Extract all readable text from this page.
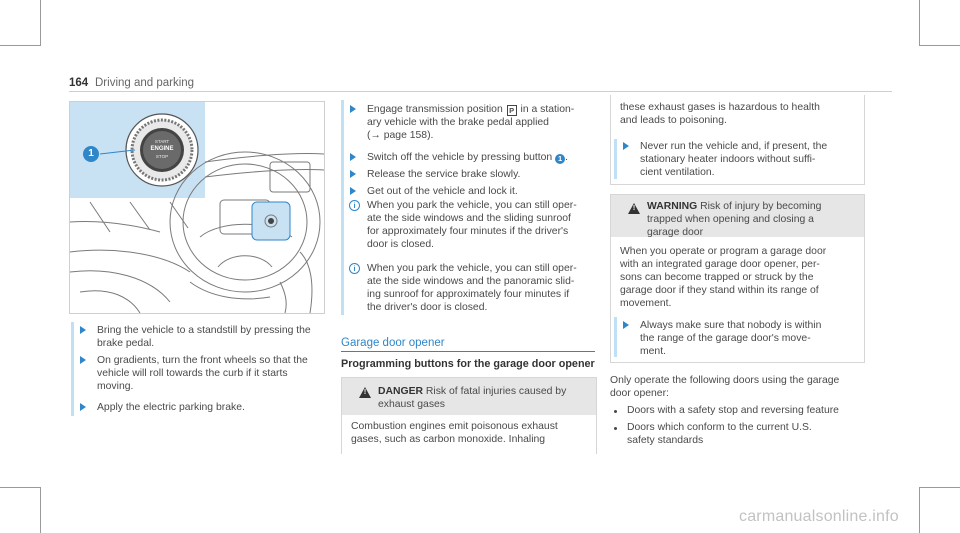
164 Driving and parking
START
ENGINE
STOP
1
Bring the vehicle to a standstill by pressing the
brake pedal.
On gradients, turn the front wheels so that the
vehicle will roll towards the curb if it starts
moving.
Apply the electric parking brake.
Engage transmission position P in a station-
ary vehicle with the brake pedal applied
(→ page 158).
Switch off the vehicle by pressing button 1 .
Release the service brake slowly.
Get out of the vehicle and lock it.
i	When you park the vehicle, you can still oper-
ate the side windows and the sliding sunroof
for approximately four minutes if the driver's
door is closed.
i	When you park the vehicle, you can still oper-
ate the side windows and the panoramic slid-
ing sunroof for approximately four minutes if
the driver's door is closed.
Garage door opener
Programming buttons for the garage door opener
!	DANGER Risk of fatal injuries caused by
exhaust gases
Combustion engines emit poisonous exhaust
gases, such as carbon monoxide. Inhaling
these exhaust gases is hazardous to health
and leads to poisoning.
Never run the vehicle and, if present, the
stationary heater indoors without suffi-
cient ventilation.
!	WARNING Risk of injury by becoming
trapped when opening and closing a
garage door
When you operate or program a garage door
with an integrated garage door opener, per-
sons can become trapped or struck by the
garage door if they stand within its range of
movement.
Always make sure that nobody is within
the range of the garage door's move-
ment.
Only operate the following doors using the garage
door opener:
Doors with a safety stop and reversing feature
Doors which conform to the current U.S.
safety standards
carmanualsonline.info
